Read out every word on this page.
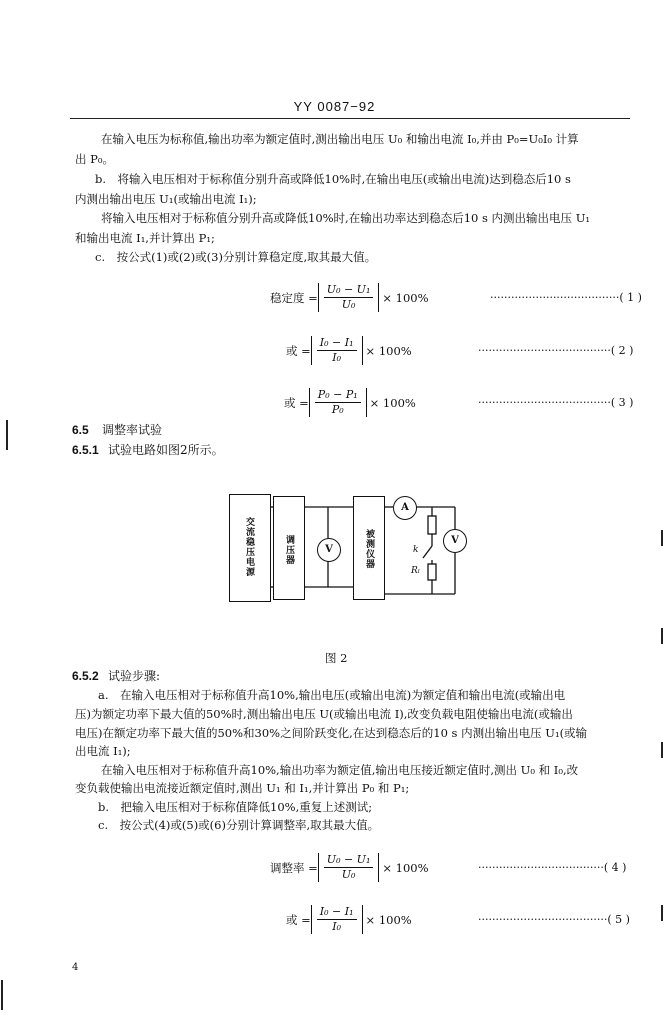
YY 0087−92
在输入电压为标称值,输出功率为额定值时,测出输出电压 U₀ 和输出电流 I₀,并由 P₀=U₀I₀ 计算
出 P₀。
b.　将输入电压相对于标称值分别升高或降低10%时,在输出电压(或输出电流)达到稳态后10 s
内测出输出电压 U₁(或输出电流 I₁);
将输入电压相对于标称值分别升高或降低10%时,在输出功率达到稳态后10 s 内测出输出电压 U₁
和输出电流 I₁,并计算出 P₁;
c.　按公式(1)或(2)或(3)分别计算稳定度,取其最大值。
稳定度 = $\frac{\text{U₀ − U₁}}{\text{U₀}} \times 100\%$	·····································( 1 )
或 = $\frac{\text{I₀ − I₁}}{\text{I₀}} \times 100\%$	······································( 2 )
或 = $\frac{\text{P₀ − P₁}}{\text{P₀}} \times 100\%$	······································( 3 )
6.5 调整率试验
6.5.1 试验电路如图2所示。
交流稳压电源	调压器	被测仪器
V
A
V
k
Rₗ
图 2
6.5.2 试验步骤:
a.　在输入电压相对于标称值升高10%,输出电压(或输出电流)为额定值和输出电流(或输出电
压)为额定功率下最大值的50%时,测出输出电压 U(或输出电流 I),改变负载电阻使输出电流(或输出
电压)在额定功率下最大值的50%和30%之间阶跃变化,在达到稳态后的10 s 内测出输出电压 U₁(或输
出电流 I₁);
在输入电压相对于标称值升高10%,输出功率为额定值,输出电压接近额定值时,测出 U₀ 和 I₀,改
变负载使输出电流接近额定值时,测出 U₁ 和 I₁,并计算出 P₀ 和 P₁;
b.　把输入电压相对于标称值降低10%,重复上述测试;
c.　按公式(4)或(5)或(6)分别计算调整率,取其最大值。
调整率 = $\frac{\text{U₀ − U₁}}{\text{U₀}} \times 100\%$	····································( 4 )
或 = $\frac{\text{I₀ − I₁}}{\text{I₀}} \times 100\%$	·····································( 5 )
4
